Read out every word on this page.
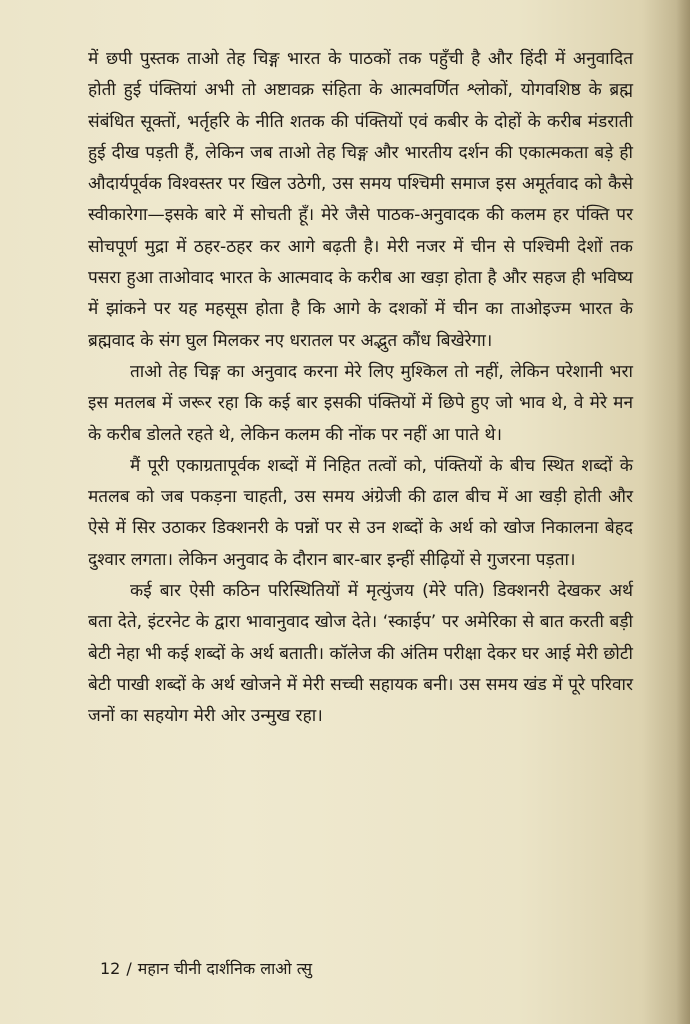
में छपी पुस्तक ताओ तेह चिङ्ग भारत के पाठकों तक पहुँची है और हिंदी में अनुवादित होती हुई पंक्तियां अभी तो अष्टावक्र संहिता के आत्मवर्णित श्लोकों, योगवशिष्ठ के ब्रह्म संबंधित सूक्तों, भर्तृहरि के नीति शतक की पंक्तियों एवं कबीर के दोहों के करीब मंडराती हुई दीख पड़ती हैं, लेकिन जब ताओ तेह चिङ्ग और भारतीय दर्शन की एकात्मकता बड़े ही औदार्यपूर्वक विश्वस्तर पर खिल उठेगी, उस समय पश्चिमी समाज इस अमूर्तवाद को कैसे स्वीकारेगा—इसके बारे में सोचती हूँ। मेरे जैसे पाठक-अनुवादक की कलम हर पंक्ति पर सोचपूर्ण मुद्रा में ठहर-ठहर कर आगे बढ़ती है। मेरी नजर में चीन से पश्चिमी देशों तक पसरा हुआ ताओवाद भारत के आत्मवाद के करीब आ खड़ा होता है और सहज ही भविष्य में झांकने पर यह महसूस होता है कि आगे के दशकों में चीन का ताओइज्म भारत के ब्रह्मवाद के संग घुल मिलकर नए धरातल पर अद्भुत कौंध बिखेरेगा।

ताओ तेह चिङ्ग का अनुवाद करना मेरे लिए मुश्किल तो नहीं, लेकिन परेशानी भरा इस मतलब में जरूर रहा कि कई बार इसकी पंक्तियों में छिपे हुए जो भाव थे, वे मेरे मन के करीब डोलते रहते थे, लेकिन कलम की नोंक पर नहीं आ पाते थे।

मैं पूरी एकाग्रतापूर्वक शब्दों में निहित तत्वों को, पंक्तियों के बीच स्थित शब्दों के मतलब को जब पकड़ना चाहती, उस समय अंग्रेजी की ढाल बीच में आ खड़ी होती और ऐसे में सिर उठाकर डिक्शनरी के पन्नों पर से उन शब्दों के अर्थ को खोज निकालना बेहद दुश्वार लगता। लेकिन अनुवाद के दौरान बार-बार इन्हीं सीढ़ियों से गुजरना पड़ता।

कई बार ऐसी कठिन परिस्थितियों में मृत्युंजय (मेरे पति) डिक्शनरी देखकर अर्थ बता देते, इंटरनेट के द्वारा भावानुवाद खोज देते। ‘स्काईप’ पर अमेरिका से बात करती बड़ी बेटी नेहा भी कई शब्दों के अर्थ बताती। कॉलेज की अंतिम परीक्षा देकर घर आई मेरी छोटी बेटी पाखी शब्दों के अर्थ खोजने में मेरी सच्ची सहायक बनी। उस समय खंड में पूरे परिवार जनों का सहयोग मेरी ओर उन्मुख रहा।

12 / महान चीनी दार्शनिक लाओ त्सु
